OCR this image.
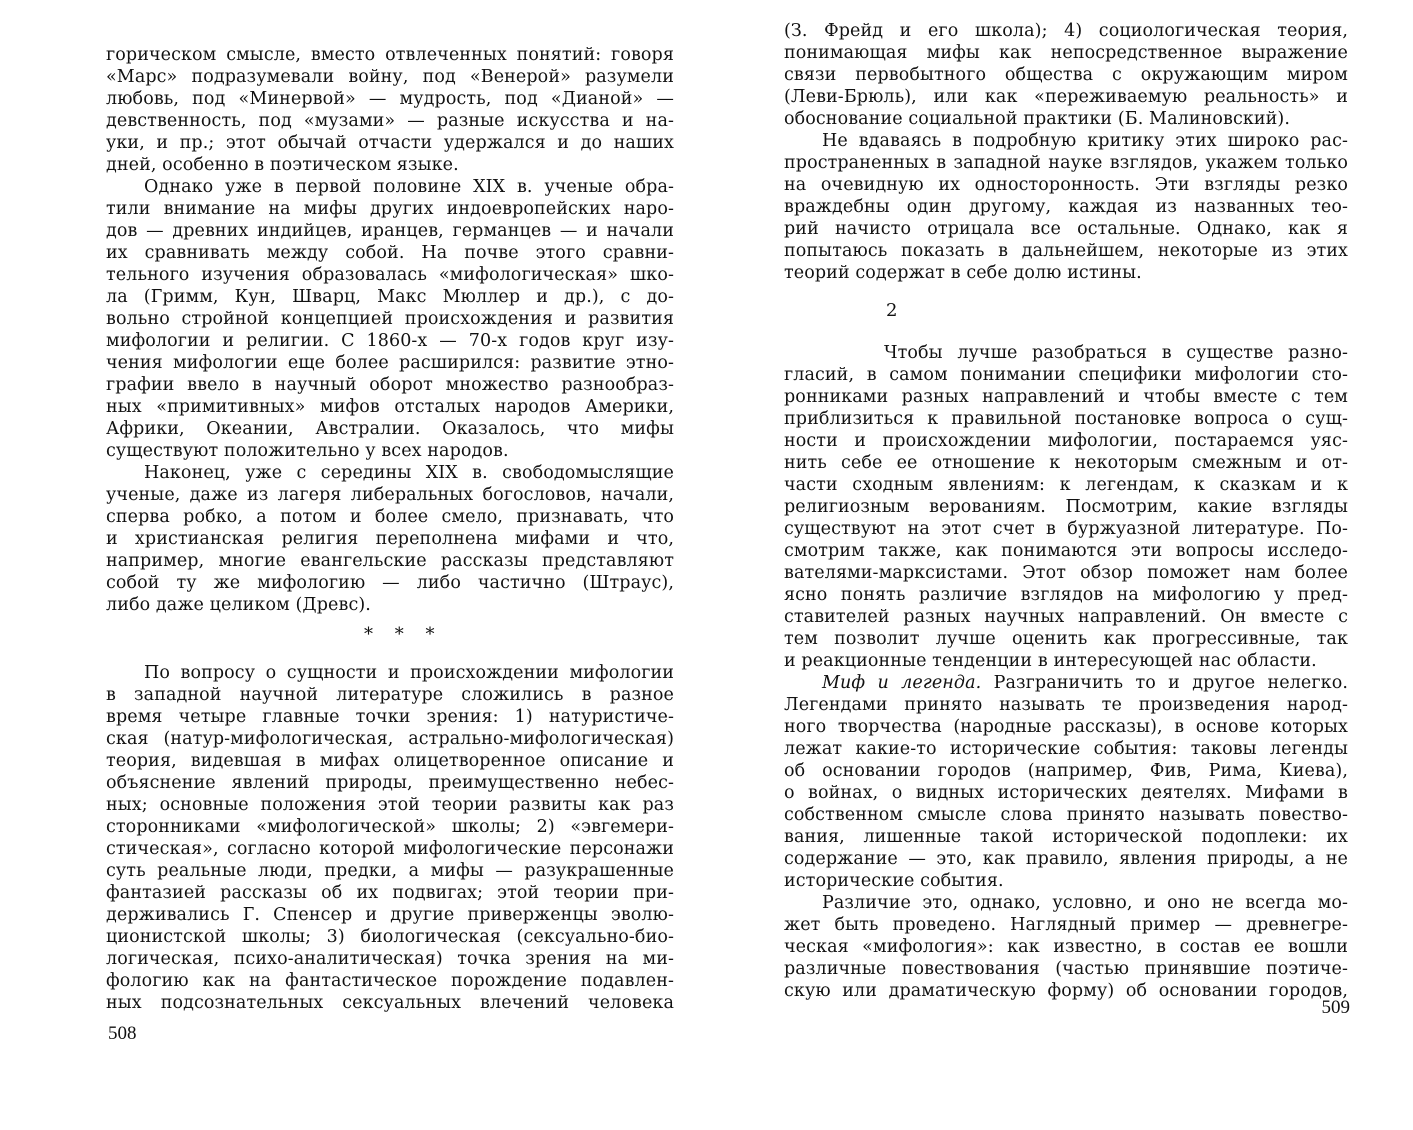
горическом смысле, вместо отвлеченных понятий: говоря
«Марс» подразумевали войну, под «Венерой» разумели
любовь, под «Минервой» — мудрость, под «Дианой» —
девственность, под «музами» — разные искусства и на-
уки, и пр.; этот обычай отчасти удержался и до наших
дней, особенно в поэтическом языке.
Однако уже в первой половине XIX в. ученые обра-
тили внимание на мифы других индоевропейских наро-
дов — древних индийцев, иранцев, германцев — и начали
их сравнивать между собой. На почве этого сравни-
тельного изучения образовалась «мифологическая» шко-
ла (Гримм, Кун, Шварц, Макс Мюллер и др.), с до-
вольно стройной концепцией происхождения и развития
мифологии и религии. С 1860-х — 70-х годов круг изу-
чения мифологии еще более расширился: развитие этно-
графии ввело в научный оборот множество разнообраз-
ных «примитивных» мифов отсталых народов Америки,
Африки, Океании, Австралии. Оказалось, что мифы
существуют положительно у всех народов.
Наконец, уже с середины XIX в. свободомыслящие
ученые, даже из лагеря либеральных богословов, начали,
сперва робко, а потом и более смело, признавать, что
и христианская религия переполнена мифами и что,
например, многие евангельские рассказы представляют
собой ту же мифологию — либо частично (Штраус),
либо даже целиком (Древс).
По вопросу о сущности и происхождении мифологии
в западной научной литературе сложились в разное
время четыре главные точки зрения: 1) натуристиче-
ская (натур-мифологическая, астрально-мифологическая)
теория, видевшая в мифах олицетворенное описание и
объяснение явлений природы, преимущественно небес-
ных; основные положения этой теории развиты как раз
сторонниками «мифологической» школы; 2) «эвгемери-
стическая», согласно которой мифологические персонажи
суть реальные люди, предки, а мифы — разукрашенные
фантазией рассказы об их подвигах; этой теории при-
держивались Г. Спенсер и другие приверженцы эволю-
ционистской школы; 3) биологическая (сексуально-био-
логическая, психо-аналитическая) точка зрения на ми-
фологию как на фантастическое порождение подавлен-
ных подсознательных сексуальных влечений человека
* * *
508
(З. Фрейд и его школа); 4) социологическая теория,
понимающая мифы как непосредственное выражение
связи первобытного общества с окружающим миром
(Леви-Брюль), или как «переживаемую реальность» и
обоснование социальной практики (Б. Малиновский).
Не вдаваясь в подробную критику этих широко рас-
пространенных в западной науке взглядов, укажем только
на очевидную их односторонность. Эти взгляды резко
враждебны один другому, каждая из названных тео-
рий начисто отрицала все остальные. Однако, как я
попытаюсь показать в дальнейшем, некоторые из этих
теорий содержат в себе долю истины.
Чтобы лучше разобраться в существе разно-
гласий, в самом понимании специфики мифологии сто-
ронниками разных направлений и чтобы вместе с тем
приблизиться к правильной постановке вопроса о сущ-
ности и происхождении мифологии, постараемся уяс-
нить себе ее отношение к некоторым смежным и от-
части сходным явлениям: к легендам, к сказкам и к
религиозным верованиям. Посмотрим, какие взгляды
существуют на этот счет в буржуазной литературе. По-
смотрим также, как понимаются эти вопросы исследо-
вателями-марксистами. Этот обзор поможет нам более
ясно понять различие взглядов на мифологию у пред-
ставителей разных научных направлений. Он вместе с
тем позволит лучше оценить как прогрессивные, так
и реакционные тенденции в интересующей нас области.
Миф и легенда. Разграничить то и другое нелегко.
Легендами принято называть те произведения народ-
ного творчества (народные рассказы), в основе которых
лежат какие-то исторические события: таковы легенды
об основании городов (например, Фив, Рима, Киева),
о войнах, о видных исторических деятелях. Мифами в
собственном смысле слова принято называть повество-
вания, лишенные такой исторической подоплеки: их
содержание — это, как правило, явления природы, а не
исторические события.
Различие это, однако, условно, и оно не всегда мо-
жет быть проведено. Наглядный пример — древнегре-
ческая «мифология»: как известно, в состав ее вошли
различные повествования (частью принявшие поэтиче-
скую или драматическую форму) об основании городов,
2
509
